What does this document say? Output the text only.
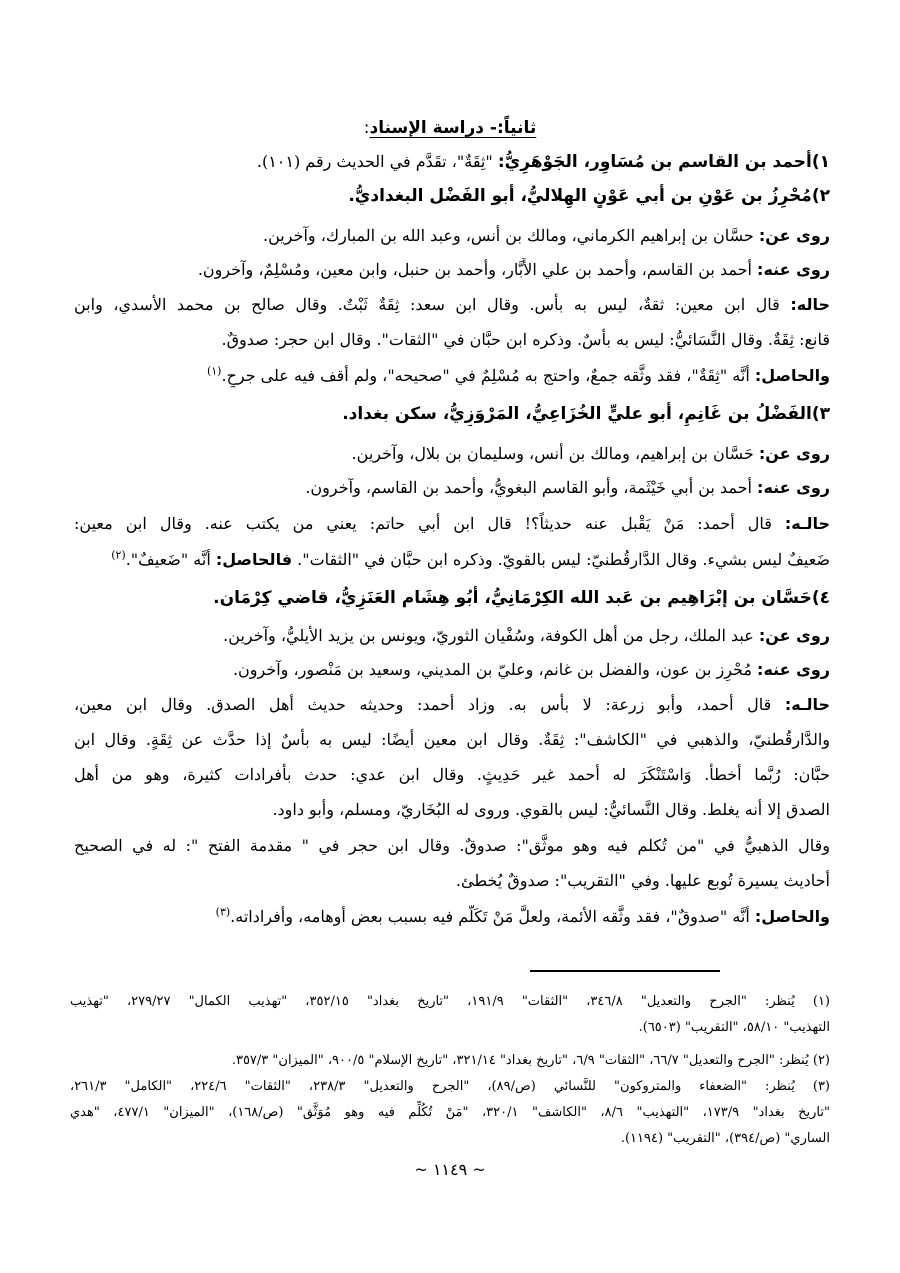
ثانياً:- دراسة الإسناد:
١)أحمد بن القاسم بن مُسَاوِر، الجَوْهَرِيُّ: "ثِقَةٌ"، تقَدَّم في الحديث رقم (١٠١).
٢)مُحْرِزُ بن عَوْنِ بن أبي عَوْنٍ الهِلاليُّ، أبو الفَضْل البغداديُّ.
روى عن: حسَّان بن إبراهيم الكرماني، ومالك بن أنس، وعبد الله بن المبارك، وآخرين.
روى عنه: أحمد بن القاسم، وأحمد بن علي الأَبَّار، وأحمد بن حنبل، وابن معين، ومُسْلِمٌ، وآخرون.
حاله: قال ابن معين: ثقةٌ، ليس به بأس. وقال ابن سعد: ثِقَةٌ ثَبْتٌ. وقال صالح بن محمد الأسدي، وابن
قانع: ثِقَةٌ. وقال النَّسَائيُّ: ليس به بأسٌ. وذكره ابن حبَّان في "الثقات". وقال ابن حجر: صدوقٌ.
والحاصل: أنَّه "ثِقَةٌ"، فقد وثَّقه جمعٌ، واحتج به مُسْلِمٌ في "صحيحه"، ولم أقف فيه على جرحٍ.$^{(١)}$
٣)الفَضْلُ بن غَانِمٍ، أبو عليٍّ الخُزَاعِيُّ، المَرْوَزِيُّ، سكن بغداد.
روى عن: حَسَّان بن إبراهيم، ومالك بن أنس، وسليمان بن بلال، وآخرين.
روى عنه: أحمد بن أبي خَيْثَمة، وأبو القاسم البغويُّ، وأحمد بن القاسم، وآخرون.
حالـه: قال أحمد: مَنْ يَقْبل عنه حديثاً؟! قال ابن أبي حاتم: يعني من يكتب عنه. وقال ابن معين:
ضَعيفٌ ليس بشيء. وقال الدَّارقُطنيّ: ليس بالقويّ. وذكره ابن حبَّان في "الثقات". فالحاصل: أنَّه "ضَعيفٌ".$^{(٢)}$
٤)حَسَّان بن إبْرَاهِيم بن عَبد الله الكِرْمَانِيُّ، أَبُو هِشَام العَنَزِيُّ، قاضي كِرْمَان.
روى عن: عبد الملك، رجل من أهل الكوفة، وسُفْيان الثوريّ، ويونس بن يزيد الأيليُّ، وآخرين.
روى عنه: مُحْرِز بن عون، والفضل بن غانم، وعليّ بن المديني، وسعيد بن مَنْصور، وآخرون.
حالـه: قال أحمد، وأبو زرعة: لا بأس به. وزاد أحمد: وحديثه حديث أهل الصدق. وقال ابن معين،
والدَّارقُطنيّ، والذهبي في "الكاشف": ثِقَةٌ. وقال ابن معين أيضًا: ليس به بأسٌ إذا حدَّث عن ثِقَةٍ. وقال ابن
حبَّان: رُبَّما أخطأ. وَاسْتَنْكَرَ له أحمد غير حَدِيثٍ. وقال ابن عدي: حدث بأفرادات كثيرة، وهو من أهل
الصدق إلا أنه يغلط. وقال النَّسائيُّ: ليس بالقوي. وروى له البُخَاريّ، ومسلم، وأبو داود.
وقال الذهبيُّ في "من تُكلم فيه وهو موثَّق": صدوقٌ. وقال ابن حجر في " مقدمة الفتح ": له في الصحيح
أحاديث يسيرة تُوبع عليها. وفي "التقريب": صدوقٌ يُخطئ.
والحاصل: أنَّه "صدوقٌ"، فقد وثَّقه الأئمة، ولعلَّ مَنْ تَكَلَّم فيه بسبب بعض أوهامه، وأفراداته.$^{(٣)}$
(١) يُنظر: "الجرح والتعديل" ٣٤٦/٨، "الثقات" ١٩١/٩، "تاريخ بغداد" ٣٥٢/١٥، "تهذيب الكمال" ٢٧٩/٢٧، "تهذيب
التهذيب" ٥٨/١٠، "التقريب" (٦٥٠٣).
(٢) يُنظر: "الجرح والتعديل" ٦٦/٧، "الثقات" ٦/٩، "تاريخ بغداد" ٣٢١/١٤، "تاريخ الإسلام" ٩٠٠/٥، "الميزان" ٣٥٧/٣.
(٣) يُنظر: "الضعفاء والمتروكون" للنَّسائي (ص/٨٩)، "الجرح والتعديل" ٢٣٨/٣، "الثقات" ٢٢٤/٦، "الكامل" ٢٦١/٣،
"تاريخ بغداد" ١٧٣/٩، "التهذيب" ٨/٦، "الكاشف" ٣٢٠/١، "مَنْ تُكُلِّم فيه وهو مُوَثَّق" (ص/١٦٨)، "الميزان" ٤٧٧/١، "هدي
الساري" (ص/٣٩٤)، "التقريب" (١١٩٤).
~ ١١٤٩ ~
